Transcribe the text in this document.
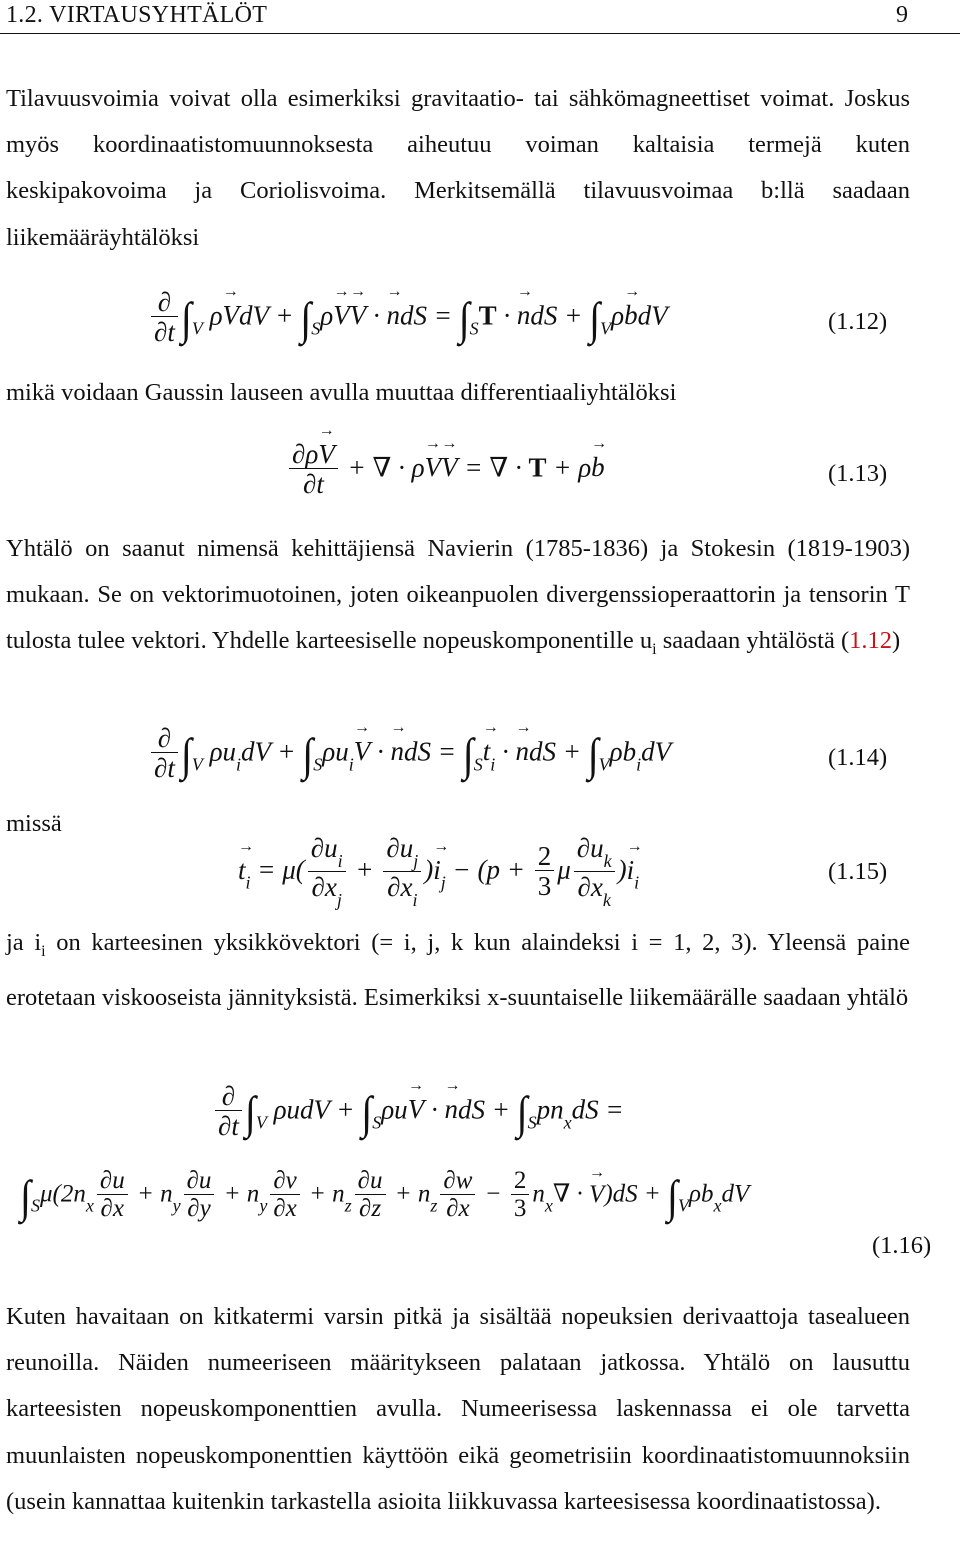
1.2. VIRTAUSYHTÄLÖT	9

Tilavuusvoimia voivat olla esimerkiksi gravitaatio- tai sähkömagneettiset voimat. Joskus myös koordinaatistomuunnoksesta aiheutuu voiman kaltaisia termejä kuten keskipakovoima ja Coriolisvoima. Merkitsemällä tilavuusvoimaa b:llä saadaan liikemääräyhtälöksi

$\frac{\partial}{\partial t} \int_V$ ρ→ VdV + $\int_S\rho\to V\to V$ · → ndS = $\int_ST$ · → ndS + $\int_V\rho\to$ bdV	(1.12)

mikä voidaan Gaussin lauseen avulla muuttaa differentiaaliyhtälöksi

$\frac{\partial\rho\to V}{\partial t}$ + ∇ · ρ→ V→ V = ∇ · T + ρ→ b	(1.13)

Yhtälö on saanut nimensä kehittäjiensä Navierin (1785-1836) ja Stokesin (1819-1903) mukaan. Se on vektorimuotoinen, joten oikeanpuolen divergenssioperaattorin ja tensorin T tulosta tulee vektori. Yhdelle karteesiselle nopeuskomponentille $u_i$ saadaan yhtälöstä (1.12)

$\frac{\partial}{\partial t} \int_V$ $\rho u_idV + \int_S\rho u_i\to V$ · → ndS = $\int_S\to t_i$ · → ndS + $\int_V\rho b_idV$	(1.14)
missä
→ $t_i = \mu( \frac{\partial u_i}{\partial x_j} + \frac{\partial u_j}{\partial x_i}$ )→ $i_j - (p + \frac{2}{3}$ μ $\frac{\partial u_k}{\partial x_k}$ )→ $i_i$	(1.15)

ja $i_i$ on karteesinen yksikkövektori (= i, j, k kun alaindeksi i = 1, 2, 3). Yleensä paine erotetaan viskooseista jännityksistä. Esimerkiksi x-suuntaiselle liikemäärälle saadaan yhtälö

$\frac{\partial}{\partial t} \int_V$ $\rho udV + \int_S\rho u\to V$ · → ndS + $\int_Spn_xdS$ =
$\int_S\mu(2n_x \frac{\partial u}{\partial x} + n_y \frac{\partial u}{\partial y} + n_y \frac{\partial v}{\partial x} + n_z \frac{\partial u}{\partial z} + n_z \frac{\partial w}{\partial x} - \frac{2}{3} n_x\nabla$ · → $V)dS + \int_V\rho b_xdV$
(1.16)

Kuten havaitaan on kitkatermi varsin pitkä ja sisältää nopeuksien derivaattoja tasealueen reunoilla. Näiden numeeriseen määritykseen palataan jatkossa. Yhtälö on lausuttu karteesisten nopeuskomponenttien avulla. Numeerisessa laskennassa ei ole tarvetta muunlaisten nopeuskomponenttien käyttöön eikä geometrisiin koordinaatistomuunnoksiin (usein kannattaa kuitenkin tarkastella asioita liikkuvassa karteesisessa koordinaatistossa).
